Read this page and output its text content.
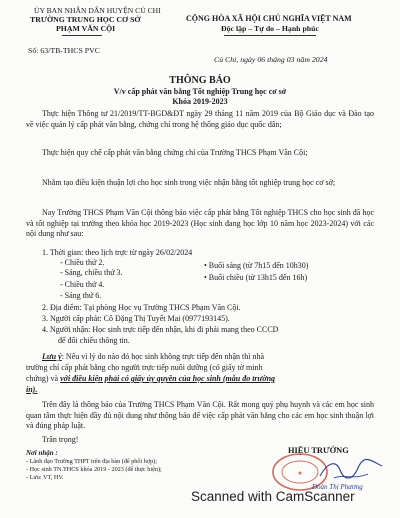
ỦY BAN NHÂN DÂN HUYỆN CỦ CHI
TRƯỜNG TRUNG HỌC CƠ SỞ
PHẠM VĂN CỘI
Số: 63/TB-THCS PVC
CỘNG HÒA XÃ HỘI CHỦ NGHĨA VIỆT NAM
Độc lập – Tự do – Hạnh phúc
Củ Chi, ngày 06 tháng 03 năm 2024
THÔNG BÁO
V/v cấp phát văn bằng Tốt nghiệp Trung học cơ sở
Khóa 2019-2023
Thực hiện Thông tư 21/2019/TT-BGD&ĐT ngày 29 tháng 11 năm 2019 của Bộ Giáo dục và Đào tạo về việc quản lý cấp phát văn bằng, chứng chỉ trong hệ thống giáo dục quốc dân;
Thực hiện quy chế cấp phát văn bằng chứng chỉ của Trường THCS Phạm Văn Cội;
Nhằm tạo điều kiện thuận lợi cho học sinh trong việc nhận bằng tốt nghiệp trung học cơ sở;
Nay Trường THCS Phạm Văn Cội thông báo việc cấp phát bằng Tốt nghiệp THCS cho học sinh đã học và tốt nghiệp tại trường theo khóa học 2019-2023 (Học sinh đang học lớp 10 năm học 2023-2024) với các nội dung như sau:
1. Thời gian: theo lịch trực từ ngày 26/02/2024
- Chiều thứ 2.
- Sáng, chiều thứ 3.
- Chiều thứ 4.
- Sáng thứ 6.
• Buổi sáng (từ 7h15 đến 10h30)
• Buổi chiều (từ 13h15 đến 16h)
2. Địa điểm: Tại phòng Học vụ Trường THCS Phạm Văn Cội.
3. Người cấp phát: Cô Đặng Thị Tuyết Mai (0977193145).
4. Người nhận: Học sinh trực tiếp đến nhận, khi đi phải mang theo CCCD
để đối chiếu thông tin.
Lưu ý: Nếu vì lý do nào đó học sinh không trực tiếp đến nhận thì nhà
trường chỉ cấp phát bằng cho người trực tiếp nuôi dưỡng (có giấy tờ minh
chứng) và với điều kiện phải có giấy ủy quyền của học sinh (mẫu đo trường
in).
Trên đây là thông báo của Trường THCS Phạm Văn Cội. Rất mong quý phụ huynh và các em học sinh quan tâm thực hiện đầy đủ nội dung như thông báo để việc cấp phát văn bằng cho các em học sinh thuận lợi và đúng pháp luật.
Trân trọng!
Nơi nhận :
- Lãnh đạo Trường THPT trên địa bàn (để phối hợp);
- Học sinh TN.THCS khóa 2019 - 2023 (để thực hiện);
- Lưu: VT, HV.
HIỆU TRƯỞNG
★
Đoàn Thị Phương
Scanned with CamScanner
